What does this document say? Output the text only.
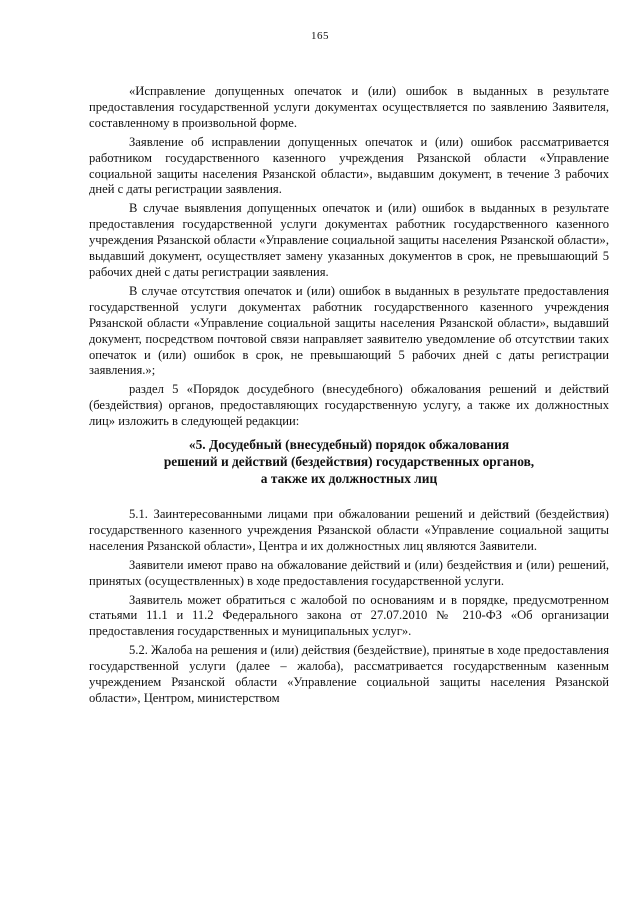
165

«Исправление допущенных опечаток и (или) ошибок в выданных в результате предоставления государственной услуги документах осуществляется по заявлению Заявителя, составленному в произвольной форме.

Заявление об исправлении допущенных опечаток и (или) ошибок рассматривается работником государственного казенного учреждения Рязанской области «Управление социальной защиты населения Рязанской области», выдавшим документ, в течение 3 рабочих дней с даты регистрации заявления.

В случае выявления допущенных опечаток и (или) ошибок в выданных в результате предоставления государственной услуги документах работник государственного казенного учреждения Рязанской области «Управление социальной защиты населения Рязанской области», выдавший документ, осуществляет замену указанных документов в срок, не превышающий 5 рабочих дней с даты регистрации заявления.

В случае отсутствия опечаток и (или) ошибок в выданных в результате предоставления государственной услуги документах работник государственного казенного учреждения Рязанской области «Управление социальной защиты населения Рязанской области», выдавший документ, посредством почтовой связи направляет заявителю уведомление об отсутствии таких опечаток и (или) ошибок в срок, не превышающий 5 рабочих дней с даты регистрации заявления.»;

раздел 5 «Порядок досудебного (внесудебного) обжалования решений и действий (бездействия) органов, предоставляющих государственную услугу, а также их должностных лиц» изложить в следующей редакции:

«5. Досудебный (внесудебный) порядок обжалования
решений и действий (бездействия) государственных органов,
а также их должностных лиц

5.1. Заинтересованными лицами при обжаловании решений и действий (бездействия) государственного казенного учреждения Рязанской области «Управление социальной защиты населения Рязанской области», Центра и их должностных лиц являются Заявители.

Заявители имеют право на обжалование действий и (или) бездействия и (или) решений, принятых (осуществленных) в ходе предоставления государственной услуги.

Заявитель может обратиться с жалобой по основаниям и в порядке, предусмотренном статьями 11.1 и 11.2 Федерального закона от 27.07.2010 № 210-ФЗ «Об организации предоставления государственных и муниципальных услуг».

5.2. Жалоба на решения и (или) действия (бездействие), принятые в ходе предоставления государственной услуги (далее – жалоба), рассматривается государственным казенным учреждением Рязанской области «Управление социальной защиты населения Рязанской области», Центром, министерством
